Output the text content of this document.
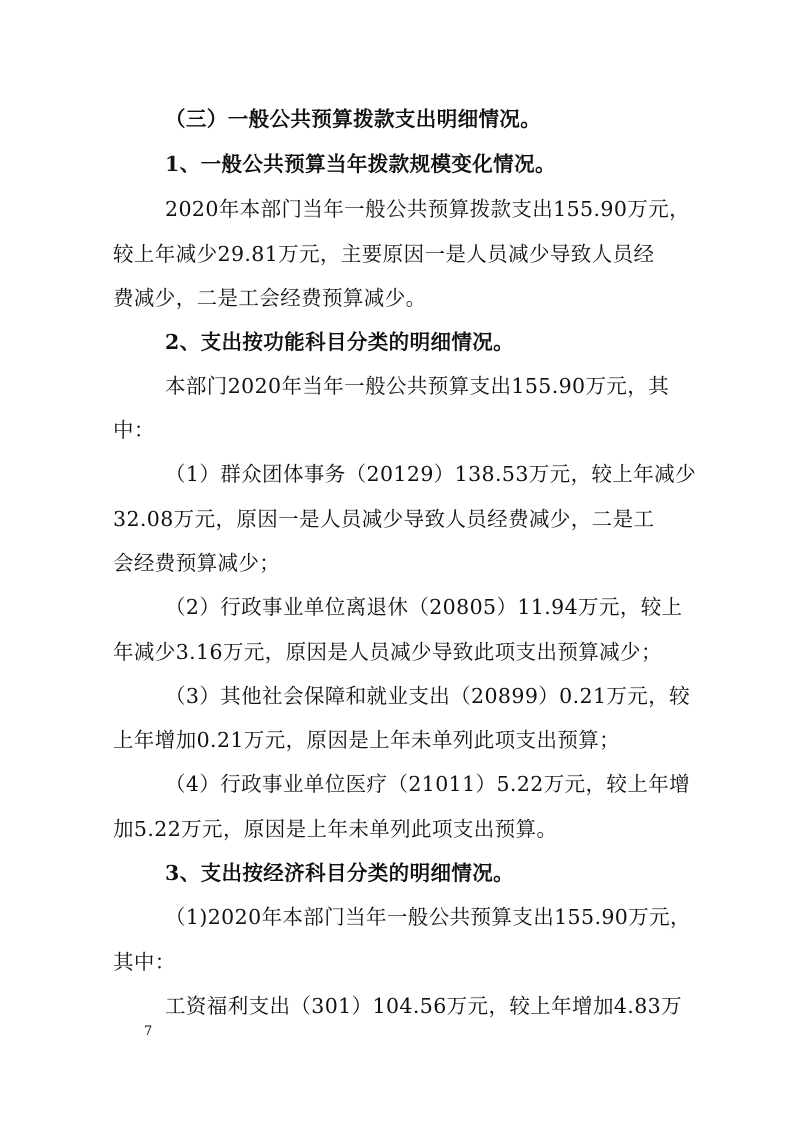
（三）一般公共预算拨款支出明细情况。
1、一般公共预算当年拨款规模变化情况。
2020年本部门当年一般公共预算拨款支出155.90万元，
较上年减少29.81万元，主要原因一是人员减少导致人员经
费减少，二是工会经费预算减少。
2、支出按功能科目分类的明细情况。
本部门2020年当年一般公共预算支出155.90万元，其
中：
（1）群众团体事务（20129）138.53万元，较上年减少
32.08万元，原因一是人员减少导致人员经费减少，二是工
会经费预算减少；
（2）行政事业单位离退休（20805）11.94万元，较上
年减少3.16万元，原因是人员减少导致此项支出预算减少；
（3）其他社会保障和就业支出（20899）0.21万元，较
上年增加0.21万元，原因是上年未单列此项支出预算；
（4）行政事业单位医疗（21011）5.22万元，较上年增
加5.22万元，原因是上年未单列此项支出预算。
3、支出按经济科目分类的明细情况。
（1)2020年本部门当年一般公共预算支出155.90万元，
其中：
工资福利支出（301）104.56万元，较上年增加4.83万
7
